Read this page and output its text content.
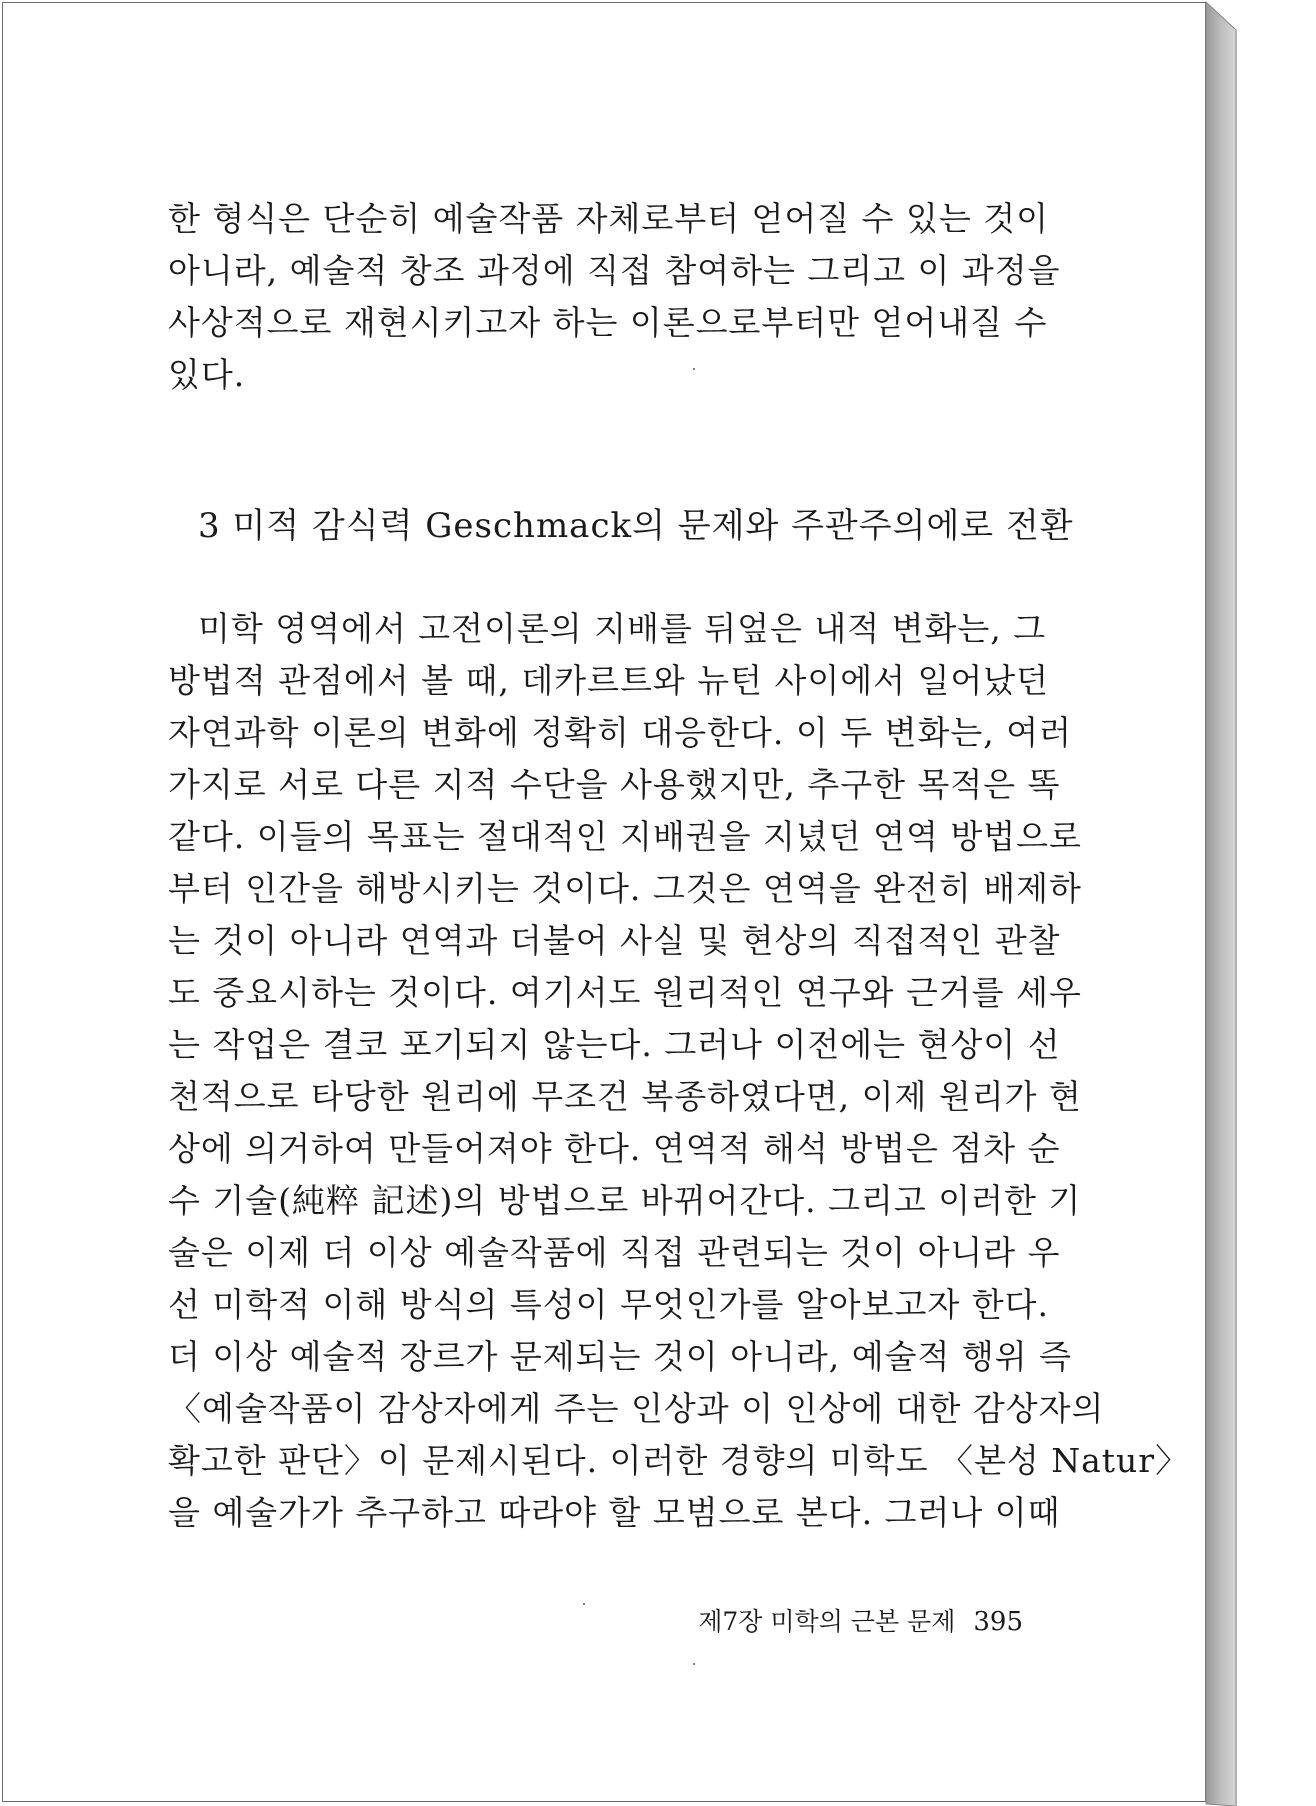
한 형식은 단순히 예술작품 자체로부터 얻어질 수 있는 것이
아니라, 예술적 창조 과정에 직접 참여하는 그리고 이 과정을
사상적으로 재현시키고자 하는 이론으로부터만 얻어내질 수
있다.
3 미적 감식력 Geschmack의 문제와 주관주의에로 전환
미학 영역에서 고전이론의 지배를 뒤엎은 내적 변화는, 그
방법적 관점에서 볼 때, 데카르트와 뉴턴 사이에서 일어났던
자연과학 이론의 변화에 정확히 대응한다. 이 두 변화는, 여러
가지로 서로 다른 지적 수단을 사용했지만, 추구한 목적은 똑
같다. 이들의 목표는 절대적인 지배권을 지녔던 연역 방법으로
부터 인간을 해방시키는 것이다. 그것은 연역을 완전히 배제하
는 것이 아니라 연역과 더불어 사실 및 현상의 직접적인 관찰
도 중요시하는 것이다. 여기서도 원리적인 연구와 근거를 세우
는 작업은 결코 포기되지 않는다. 그러나 이전에는 현상이 선
천적으로 타당한 원리에 무조건 복종하였다면, 이제 원리가 현
상에 의거하여 만들어져야 한다. 연역적 해석 방법은 점차 순
수 기술(純粹 記述)의 방법으로 바뀌어간다. 그리고 이러한 기
술은 이제 더 이상 예술작품에 직접 관련되는 것이 아니라 우
선 미학적 이해 방식의 특성이 무엇인가를 알아보고자 한다.
더 이상 예술적 장르가 문제되는 것이 아니라, 예술적 행위 즉
〈예술작품이 감상자에게 주는 인상과 이 인상에 대한 감상자의
확고한 판단〉이 문제시된다. 이러한 경향의 미학도 〈본성 Natur〉
을 예술가가 추구하고 따라야 할 모범으로 본다. 그러나 이때
제7장 미학의 근본 문제 395
